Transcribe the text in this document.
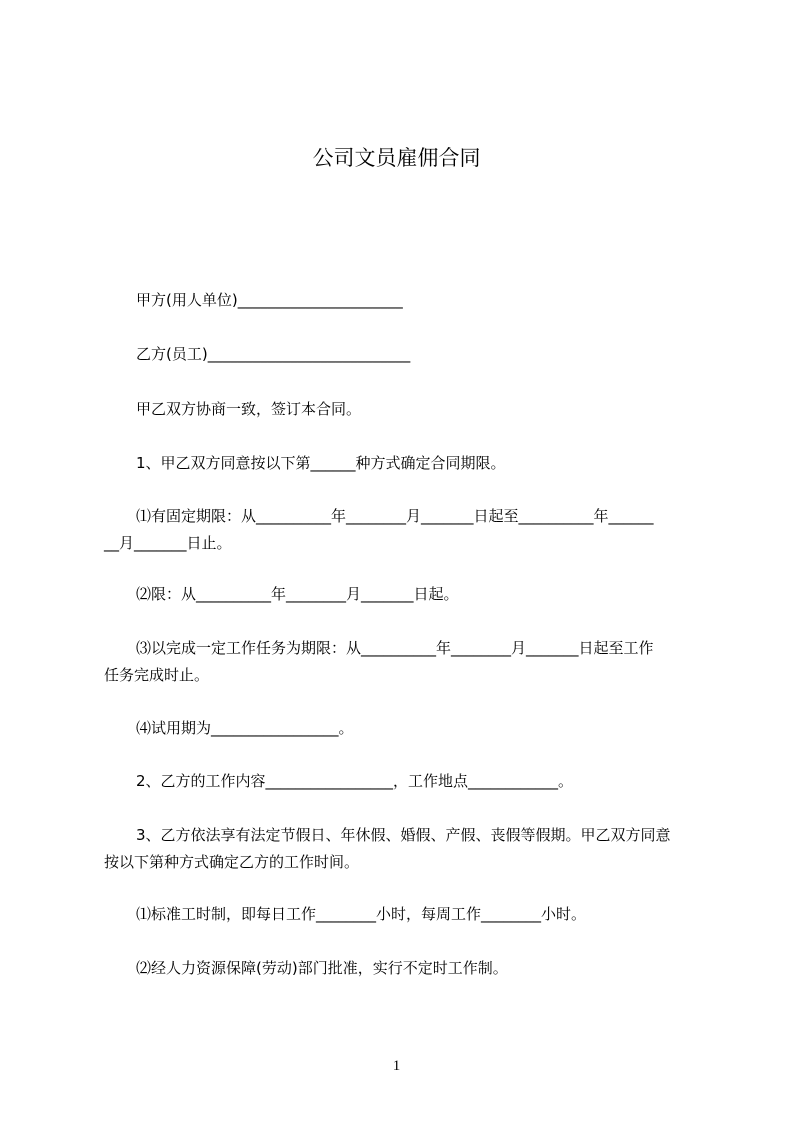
公司文员雇佣合同
甲方(用人单位)______________________
乙方(员工)___________________________
甲乙双方协商一致，签订本合同。
1、甲乙双方同意按以下第______种方式确定合同期限。
⑴有固定期限：从__________年________月_______日起至__________年______
__月_______日止。
⑵限：从__________年________月_______日起。
⑶以完成一定工作任务为期限：从__________年________月_______日起至工作
任务完成时止。
⑷试用期为_________________。
2、乙方的工作内容_________________，工作地点____________。
3、乙方依法享有法定节假日、年休假、婚假、产假、丧假等假期。甲乙双方同意
按以下第种方式确定乙方的工作时间。
⑴标准工时制，即每日工作________小时，每周工作________小时。
⑵经人力资源保障(劳动)部门批准，实行不定时工作制。
1
